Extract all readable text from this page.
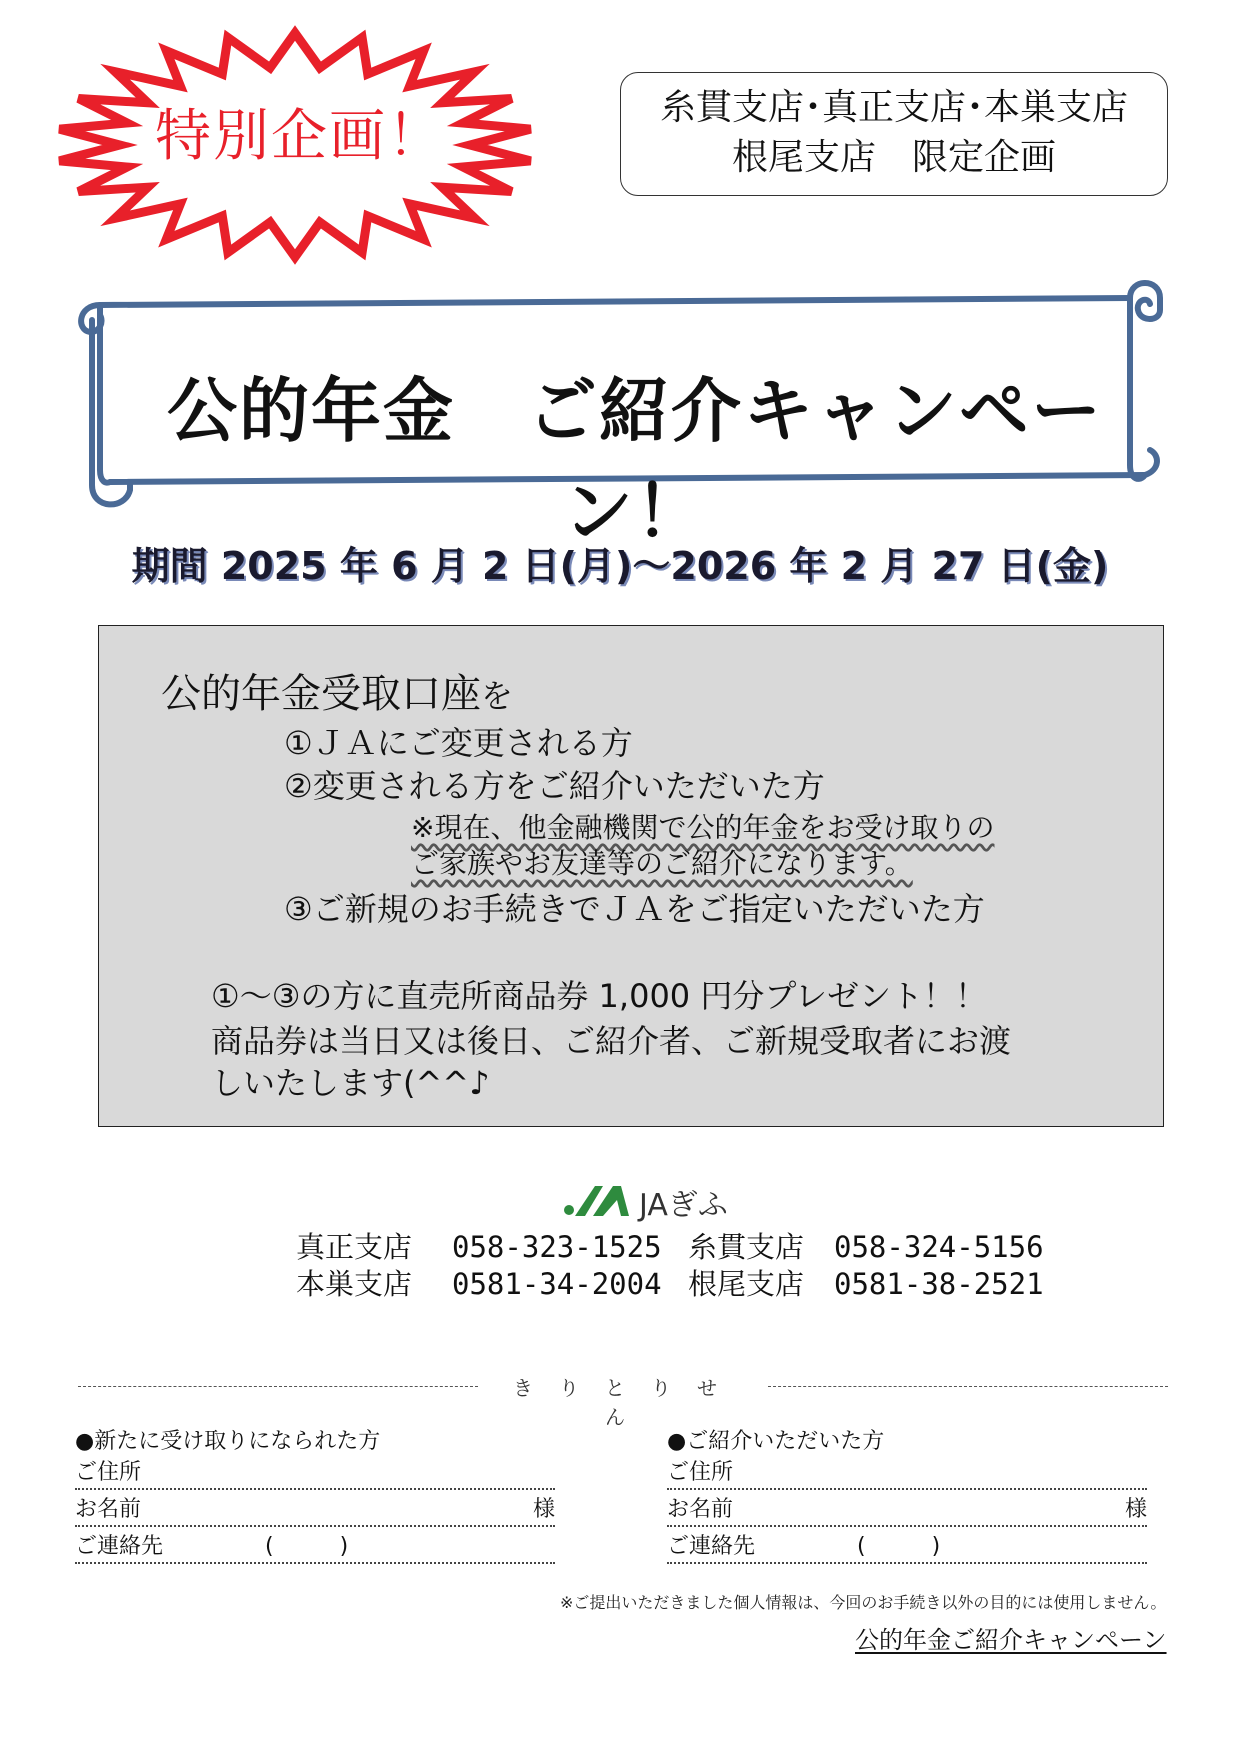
特別企画！	糸貫支店･真正支店･本巣支店
根尾支店　限定企画
公的年金　ご紹介キャンペーン！
期間 2025 年 6 月 2 日(月)～2026 年 2 月 27 日(金)
公的年金受取口座を
①ＪＡにご変更される方
②変更される方をご紹介いただいた方
※現在、他金融機関で公的年金をお受け取りの
ご家族やお友達等のご紹介になります。
③ご新規のお手続きでＪＡをご指定いただいた方
①～③の方に直売所商品券 1,000 円分プレゼント！！
商品券は当日又は後日、ご紹介者、ご新規受取者にお渡
しいたします(^^♪
JAぎふ
真正支店 058-323-1525 糸貫支店 058-324-5156
本巣支店 0581-34-2004 根尾支店 0581-38-2521
きりとりせん
●新たに受け取りになられた方
ご住所
お名前	様
ご連絡先	(　　　)
●ご紹介いただいた方
ご住所
お名前	様
ご連絡先	(　　　)
※ご提出いただきました個人情報は、今回のお手続き以外の目的には使用しません。
公的年金ご紹介キャンペーン
